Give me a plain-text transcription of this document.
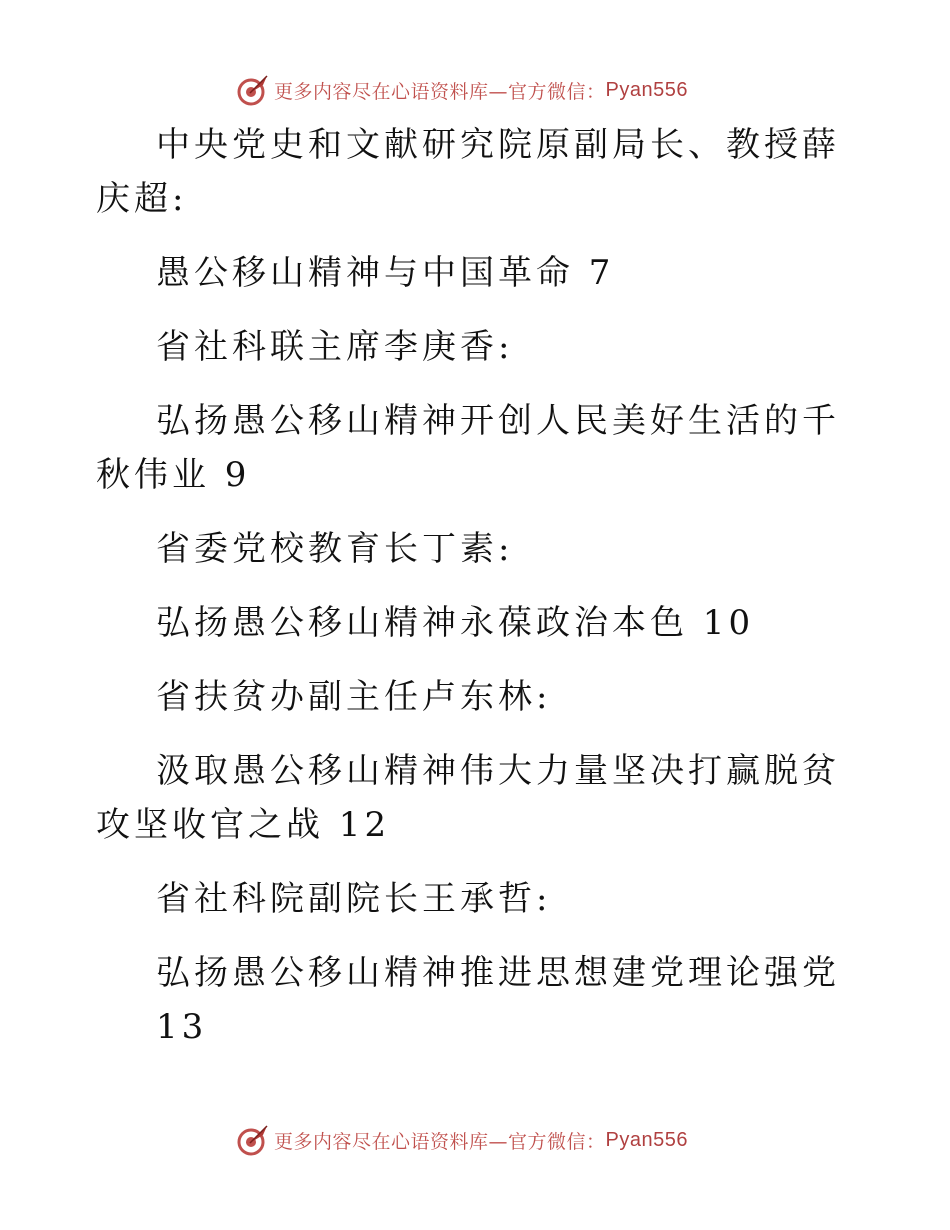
更多内容尽在心语资料库—官方微信： Pyan556

中央党史和文献研究院原副局长、教授薛庆超:

愚公移山精神与中国革命 7

省社科联主席李庚香:

弘扬愚公移山精神开创人民美好生活的千秋伟业 9

省委党校教育长丁素:

弘扬愚公移山精神永葆政治本色 10

省扶贫办副主任卢东林:

汲取愚公移山精神伟大力量坚决打赢脱贫攻坚收官之战 12

省社科院副院长王承哲:

弘扬愚公移山精神推进思想建党理论强党

13

更多内容尽在心语资料库—官方微信： Pyan556
